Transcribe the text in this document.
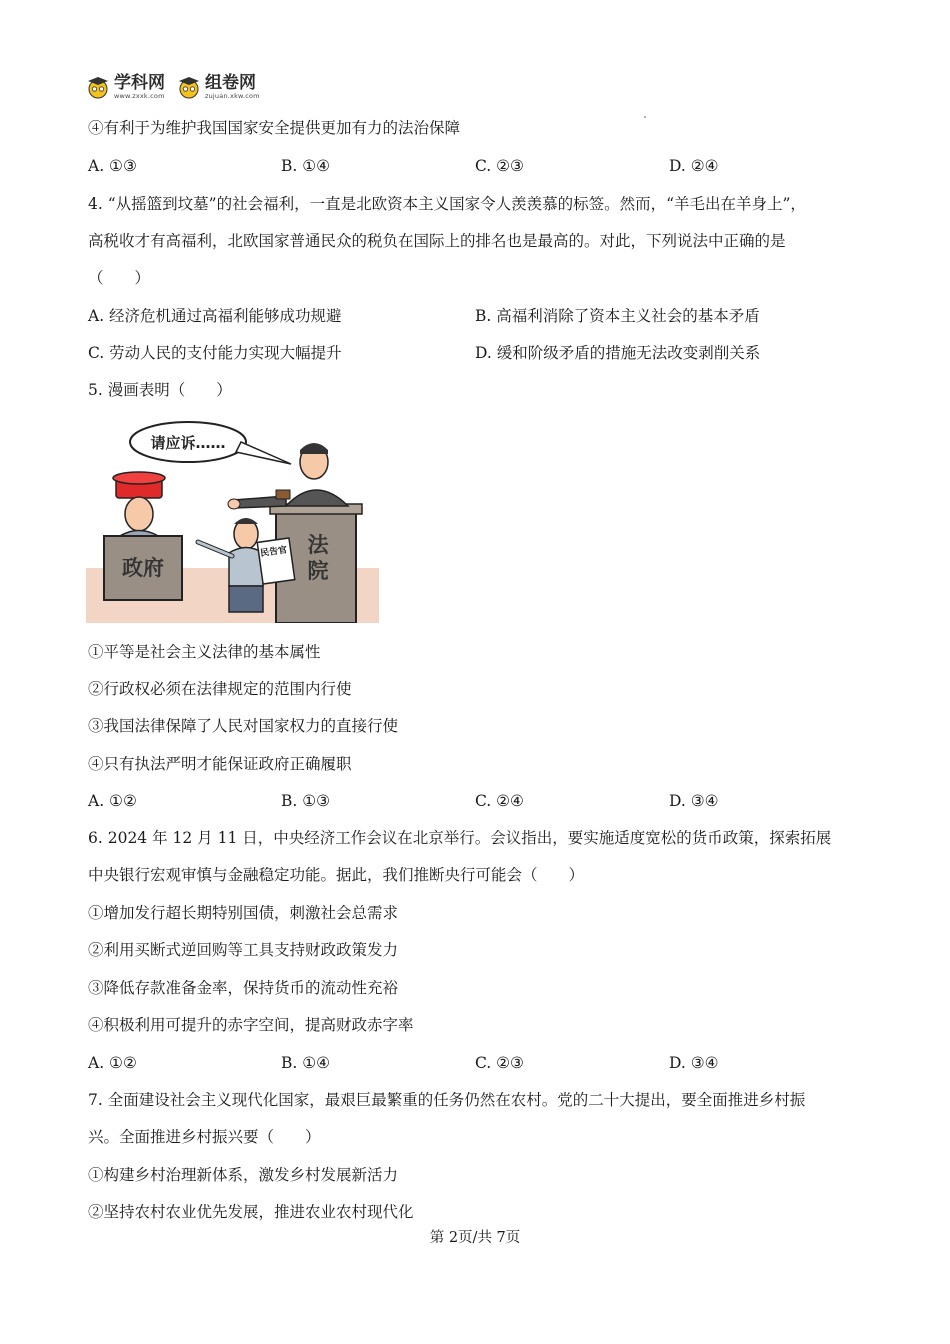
学科网
www.zxxk.com
组卷网
zujuan.xkw.com
④有利于为维护我国国家安全提供更加有力的法治保障
A. ①③	B. ①④	C. ②③	D. ②④
4. “从摇篮到坟墓”的社会福利，一直是北欧资本主义国家令人羡羡慕的标签。然而，“羊毛出在羊身上”，
高税收才有高福利，北欧国家普通民众的税负在国际上的排名也是最高的。对此，下列说法中正确的是
（　　）
A. 经济危机通过高福利能够成功规避	B. 高福利消除了资本主义社会的基本矛盾
C. 劳动人民的支付能力实现大幅提升	D. 缓和阶级矛盾的措施无法改变剥削关系
5. 漫画表明（　　）
请应诉……
政府
法
院
民告官
①平等是社会主义法律的基本属性
②行政权必须在法律规定的范围内行使
③我国法律保障了人民对国家权力的直接行使
④只有执法严明才能保证政府正确履职
A. ①②	B. ①③	C. ②④	D. ③④
6. 2024 年 12 月 11 日，中央经济工作会议在北京举行。会议指出，要实施适度宽松的货币政策，探索拓展
中央银行宏观审慎与金融稳定功能。据此，我们推断央行可能会（　　）
①增加发行超长期特别国债，刺激社会总需求
②利用买断式逆回购等工具支持财政政策发力
③降低存款准备金率，保持货币的流动性充裕
④积极利用可提升的赤字空间，提高财政赤字率
A. ①②	B. ①④	C. ②③	D. ③④
7. 全面建设社会主义现代化国家，最艰巨最繁重的任务仍然在农村。党的二十大提出，要全面推进乡村振
兴。全面推进乡村振兴要（　　）
①构建乡村治理新体系，激发乡村发展新活力
②坚持农村农业优先发展，推进农业农村现代化
第 2页/共 7页
